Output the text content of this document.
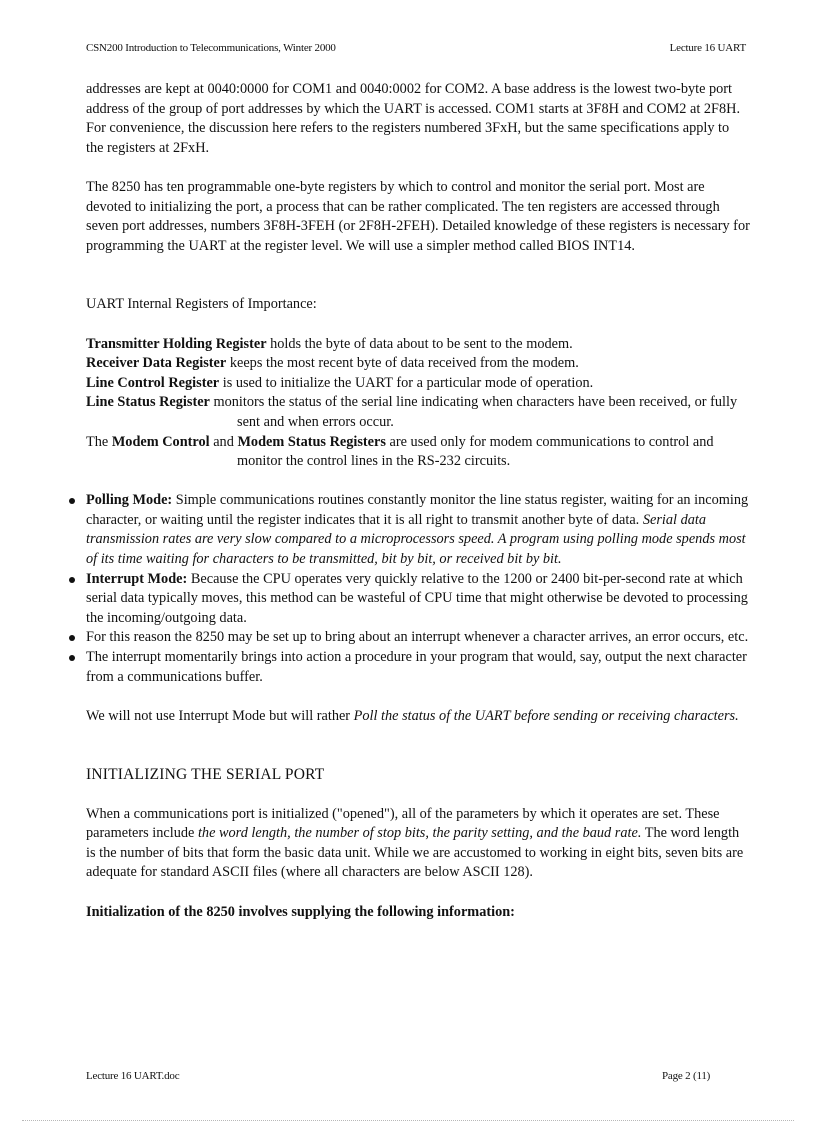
CSN200 Introduction to Telecommunications, Winter 2000	Lecture 16 UART

addresses are kept at 0040:0000 for COM1 and 0040:0002 for COM2. A base address is the lowest two-byte port address of the group of port addresses by which the UART is accessed. COM1 starts at 3F8H and COM2 at 2F8H. For convenience, the discussion here refers to the registers numbered 3FxH, but the same specifications apply to the registers at 2FxH.

The 8250 has ten programmable one-byte registers by which to control and monitor the serial port. Most are devoted to initializing the port, a process that can be rather complicated. The ten registers are accessed through seven port addresses, numbers 3F8H-3FEH (or 2F8H-2FEH). Detailed knowledge of these registers is necessary for programming the UART at the register level. We will use a simpler method called BIOS INT14.

UART Internal Registers of Importance:

Transmitter Holding Register holds the byte of data about to be sent to the modem.

Receiver Data Register keeps the most recent byte of data received from the modem.

Line Control Register is used to initialize the UART for a particular mode of operation.

Line Status Register monitors the status of the serial line indicating when characters have been received, or fully sent and when errors occur.

The Modem Control and Modem Status Registers are used only for modem communications to control and monitor the control lines in the RS-232 circuits.

Polling Mode: Simple communications routines constantly monitor the line status register, waiting for an incoming character, or waiting until the register indicates that it is all right to transmit another byte of data. Serial data transmission rates are very slow compared to a microprocessors speed. A program using polling mode spends most of its time waiting for characters to be transmitted, bit by bit, or received bit by bit.
Interrupt Mode: Because the CPU operates very quickly relative to the 1200 or 2400 bit-per-second rate at which serial data typically moves, this method can be wasteful of CPU time that might otherwise be devoted to processing the incoming/outgoing data.
For this reason the 8250 may be set up to bring about an interrupt whenever a character arrives, an error occurs, etc.
The interrupt momentarily brings into action a procedure in your program that would, say, output the next character from a communications buffer.

We will not use Interrupt Mode but will rather Poll the status of the UART before sending or receiving characters.

INITIALIZING THE SERIAL PORT

When a communications port is initialized ("opened"), all of the parameters by which it operates are set. These parameters include the word length, the number of stop bits, the parity setting, and the baud rate. The word length is the number of bits that form the basic data unit. While we are accustomed to working in eight bits, seven bits are adequate for standard ASCII files (where all characters are below ASCII 128).

Initialization of the 8250 involves supplying the following information:

Lecture 16 UART.doc	Page 2 (11)
